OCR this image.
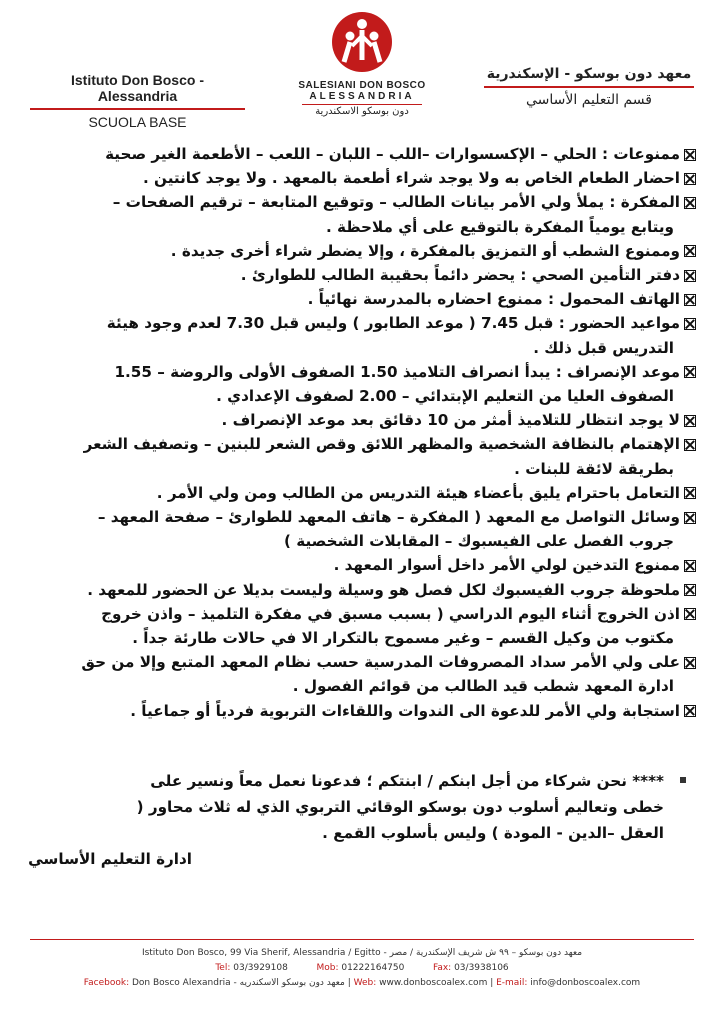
SALESIANI DON BOSCO
ALESSANDRIA
دون بوسكو الاسكندرية
Istituto Don Bosco - Alessandria
SCUOLA BASE
معهد دون بوسكو - الإسكندرية
قسم التعليم الأساسي
ممنوعات : الحلي – الإكسسوارات –اللب – اللبان – اللعب – الأطعمة الغير صحية
احضار الطعام الخاص به ولا يوجد شراء أطعمة بالمعهد . ولا يوجد كانتين .
المفكرة : يملأ ولي الأمر بيانات الطالب – وتوقيع المتابعة – ترقيم الصفحات –
ويتابع يومياً المفكرة بالتوقيع على أي ملاحظة .
وممنوع الشطب أو التمزيق بالمفكرة ، وإلا يضطر شراء أخرى جديدة .
دفتر التأمين الصحي : يحضر دائماً بحقيبة الطالب للطوارئ .
الهاتف المحمول : ممنوع احضاره بالمدرسة نهائياً .
مواعيد الحضور : قبل 7.45 ( موعد الطابور ) وليس قبل 7.30 لعدم وجود هيئة
التدريس قبل ذلك .
موعد الإنصراف : يبدأ انصراف التلاميذ 1.50 الصفوف الأولى والروضة – 1.55
الصفوف العليا من التعليم الإبتدائي – 2.00 لصفوف الإعدادي .
لا يوجد انتظار للتلاميذ أمثر من 10 دقائق بعد موعد الإنصراف .
الإهتمام بالنظافة الشخصية والمظهر اللائق وقص الشعر للبنين – وتصفيف الشعر
بطريقة لائقة للبنات .
التعامل باحترام يليق بأعضاء هيئة التدريس من الطالب ومن ولي الأمر .
وسائل التواصل مع المعهد ( المفكرة – هاتف المعهد للطوارئ – صفحة المعهد –
جروب الفصل على الفيسبوك – المقابلات الشخصية )
ممنوع التدخين لولي الأمر داخل أسوار المعهد .
ملحوظة جروب الفيسبوك لكل فصل هو وسيلة وليست بديلا عن الحضور للمعهد .
اذن الخروج أثناء اليوم الدراسي ( بسبب مسبق في مفكرة التلميذ – واذن خروج
مكتوب من وكيل القسم – وغير مسموح بالتكرار الا في حالات طارئة جداً .
على ولي الأمر سداد المصروفات المدرسية حسب نظام المعهد المتبع وإلا من حق
ادارة المعهد شطب قيد الطالب من قوائم الفصول .
استجابة ولي الأمر للدعوة الى الندوات واللقاءات التربوية فردياً أو جماعياً .
**** نحن شركاء من أجل ابنكم / ابنتكم ؛ فدعونا نعمل معاً ونسير على
خطى وتعاليم أسلوب دون بوسكو الوقائي التربوي الذي له ثلاث محاور (
العقل –الدين - المودة ) وليس بأسلوب القمع .
ادارة التعليم الأساسي
Istituto Don Bosco, 99 Via Sherif, Alessandria / Egitto - معهد دون بوسكو – ٩٩ ش شريف الإسكندرية / مصر
Tel: 03/3929108	Mob: 01222164750	Fax: 03/3938106
Facebook: Don Bosco Alexandria - معهد دون بوسكو الاسكندريه | Web: www.donboscoalex.com | E-mail: info@donboscoalex.com
